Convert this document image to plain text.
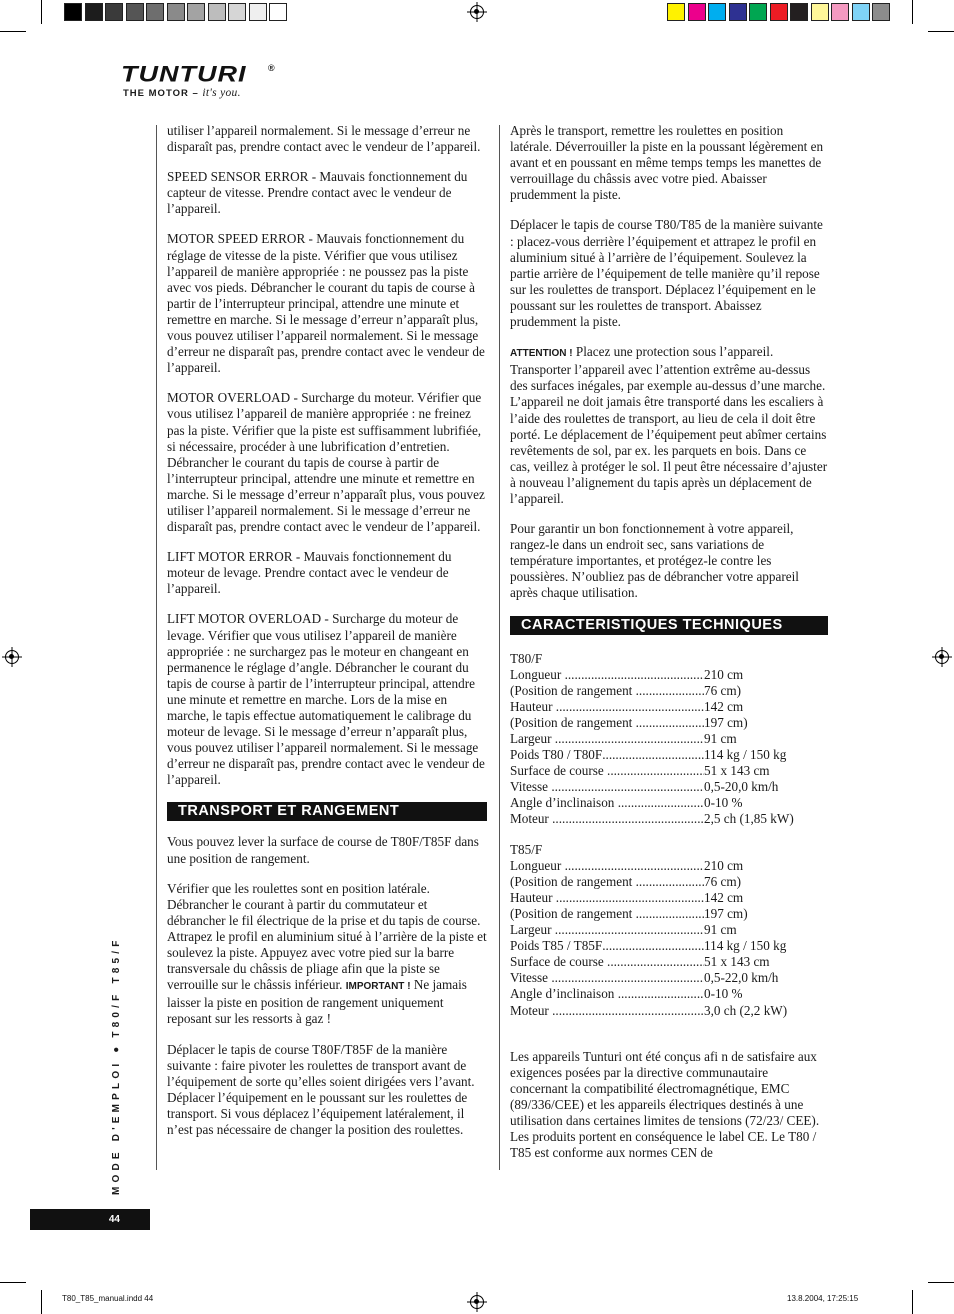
TUNTURI ®
THE MOTOR – it's you.

utiliser l’appareil normalement. Si le message d’erreur ne disparaît pas, prendre contact avec le vendeur de l’appareil.

SPEED SENSOR ERROR - Mauvais fonctionnement du capteur de vitesse. Prendre contact avec le vendeur de l’appareil.

MOTOR SPEED ERROR - Mauvais fonctionnement du réglage de vitesse de la piste. Vérifier que vous utilisez l’appareil de manière appropriée : ne poussez pas la piste avec vos pieds. Débrancher le courant du tapis de course à partir de l’interrupteur principal, attendre une minute et remettre en marche. Si le message d’erreur n’apparaît plus, vous pouvez utiliser l’appareil normalement. Si le message d’erreur ne disparaît pas, prendre contact avec le vendeur de l’appareil.

MOTOR OVERLOAD - Surcharge du moteur. Vérifier que vous utilisez l’appareil de manière appropriée : ne freinez pas la piste. Vérifier que la piste est suffisamment lubrifiée, si nécessaire, procéder à une lubrification d’entretien. Débrancher le courant du tapis de course à partir de l’interrupteur principal, attendre une minute et remettre en marche. Si le message d’erreur n’apparaît plus, vous pouvez utiliser l’appareil normalement. Si le message d’erreur ne disparaît pas, prendre contact avec le vendeur de l’appareil.

LIFT MOTOR ERROR - Mauvais fonctionnement du moteur de levage. Prendre contact avec le vendeur de l’appareil.

LIFT MOTOR OVERLOAD - Surcharge du moteur de levage. Vérifier que vous utilisez l’appareil de manière appropriée : ne surchargez pas le moteur en changeant en permanence le réglage d’angle. Débrancher le courant du tapis de course à partir de l’interrupteur principal, attendre une minute et remettre en marche. Lors de la mise en marche, le tapis effectue automatiquement le calibrage du moteur de levage. Si le message d’erreur n’apparaît plus, vous pouvez utiliser l’appareil normalement. Si le message d’erreur ne disparaît pas, prendre contact avec le vendeur de l’appareil.

TRANSPORT ET RANGEMENT

Vous pouvez lever la surface de course de T80F/T85F dans une position de rangement.

Vérifier que les roulettes sont en position latérale. Débrancher le courant à partir du commutateur et débrancher le fil électrique de la prise et du tapis de course. Attrapez le profil en aluminium situé à l’arrière de la piste et soulevez la piste. Appuyez avec votre pied sur la barre transversale du châssis de pliage afin que la piste se verrouille sur le châssis inférieur. IMPORTANT ! Ne jamais laisser la piste en position de rangement uniquement reposant sur les ressorts à gaz !

Déplacer le tapis de course T80F/T85F de la manière suivante : faire pivoter les roulettes de transport avant de l’équipement de sorte qu’elles soient dirigées vers l’avant. Déplacer l’équipement en le poussant sur les roulettes de transport. Si vous déplacez l’équipement latéralement, il n’est pas nécessaire de changer la position des roulettes.

Après le transport, remettre les roulettes en position latérale. Déverrouiller la piste en la poussant légèrement en avant et en poussant en même temps temps les manettes de verrouillage du châssis avec votre pied. Abaisser prudemment la piste.

Déplacer le tapis de course T80/T85 de la manière suivante : placez-vous derrière l’équipement et attrapez le profil en aluminium situé à l’arrière de l’équipement. Soulevez la partie arrière de l’équipement de telle manière qu’il repose sur les roulettes de transport. Déplacez l’équipement en le poussant sur les roulettes de transport. Abaissez prudemment la piste.

ATTENTION ! Placez une protection sous l’appareil. Transporter l’appareil avec l’attention extrême au-dessus des surfaces inégales, par exemple au-dessus d’une marche. L’appareil ne doit jamais être transporté dans les escaliers à l’aide des roulettes de transport, au lieu de cela il doit être porté. Le déplacement de l’équipement peut abîmer certains revêtements de sol, par ex. les parquets en bois. Dans ce cas, veillez à protéger le sol. Il peut être nécessaire d’ajuster à nouveau l’alignement du tapis après un déplacement de l’appareil.

Pour garantir un bon fonctionnement à votre appareil, rangez-le dans un endroit sec, sans variations de température importantes, et protégez-le contre les poussières. N’oubliez pas de débrancher votre appareil après chaque utilisation.

CARACTERISTIQUES TECHNIQUES
T80/F
Longueur .....	210 cm
(Position de rangement .....	76 cm)
Hauteur .....	142 cm
(Position de rangement .....	197 cm)
Largeur .....	91 cm
Poids T80 / T80F .....	114 kg / 150 kg
Surface de course .....	51 x 143 cm
Vitesse .....	0,5-20,0 km/h
Angle d’inclinaison .....	0-10 %
Moteur .....	2,5 ch (1,85 kW)
T85/F
Longueur .....	210 cm
(Position de rangement .....	76 cm)
Hauteur .....	142 cm
(Position de rangement .....	197 cm)
Largeur .....	91 cm
Poids T85 / T85F .....	114 kg / 150 kg
Surface de course .....	51 x 143 cm
Vitesse .....	0,5-22,0 km/h
Angle d’inclinaison .....	0-10 %
Moteur .....	3,0 ch (2,2 kW)

Les appareils Tunturi ont été conçus afi n de satisfaire aux exigences posées par la directive communautaire concernant la compatibilité électromagnétique, EMC (89/336/CEE) et les appareils électriques destinés à une utilisation dans certaines limites de tensions (72/23/ CEE). Les produits portent en conséquence le label CE. Le T80 / T85 est conforme aux normes CEN de

MODE D'EMPLOI ● T80/F T85/F
44
T80_T85_manual.indd 44	13.8.2004, 17:25:15
